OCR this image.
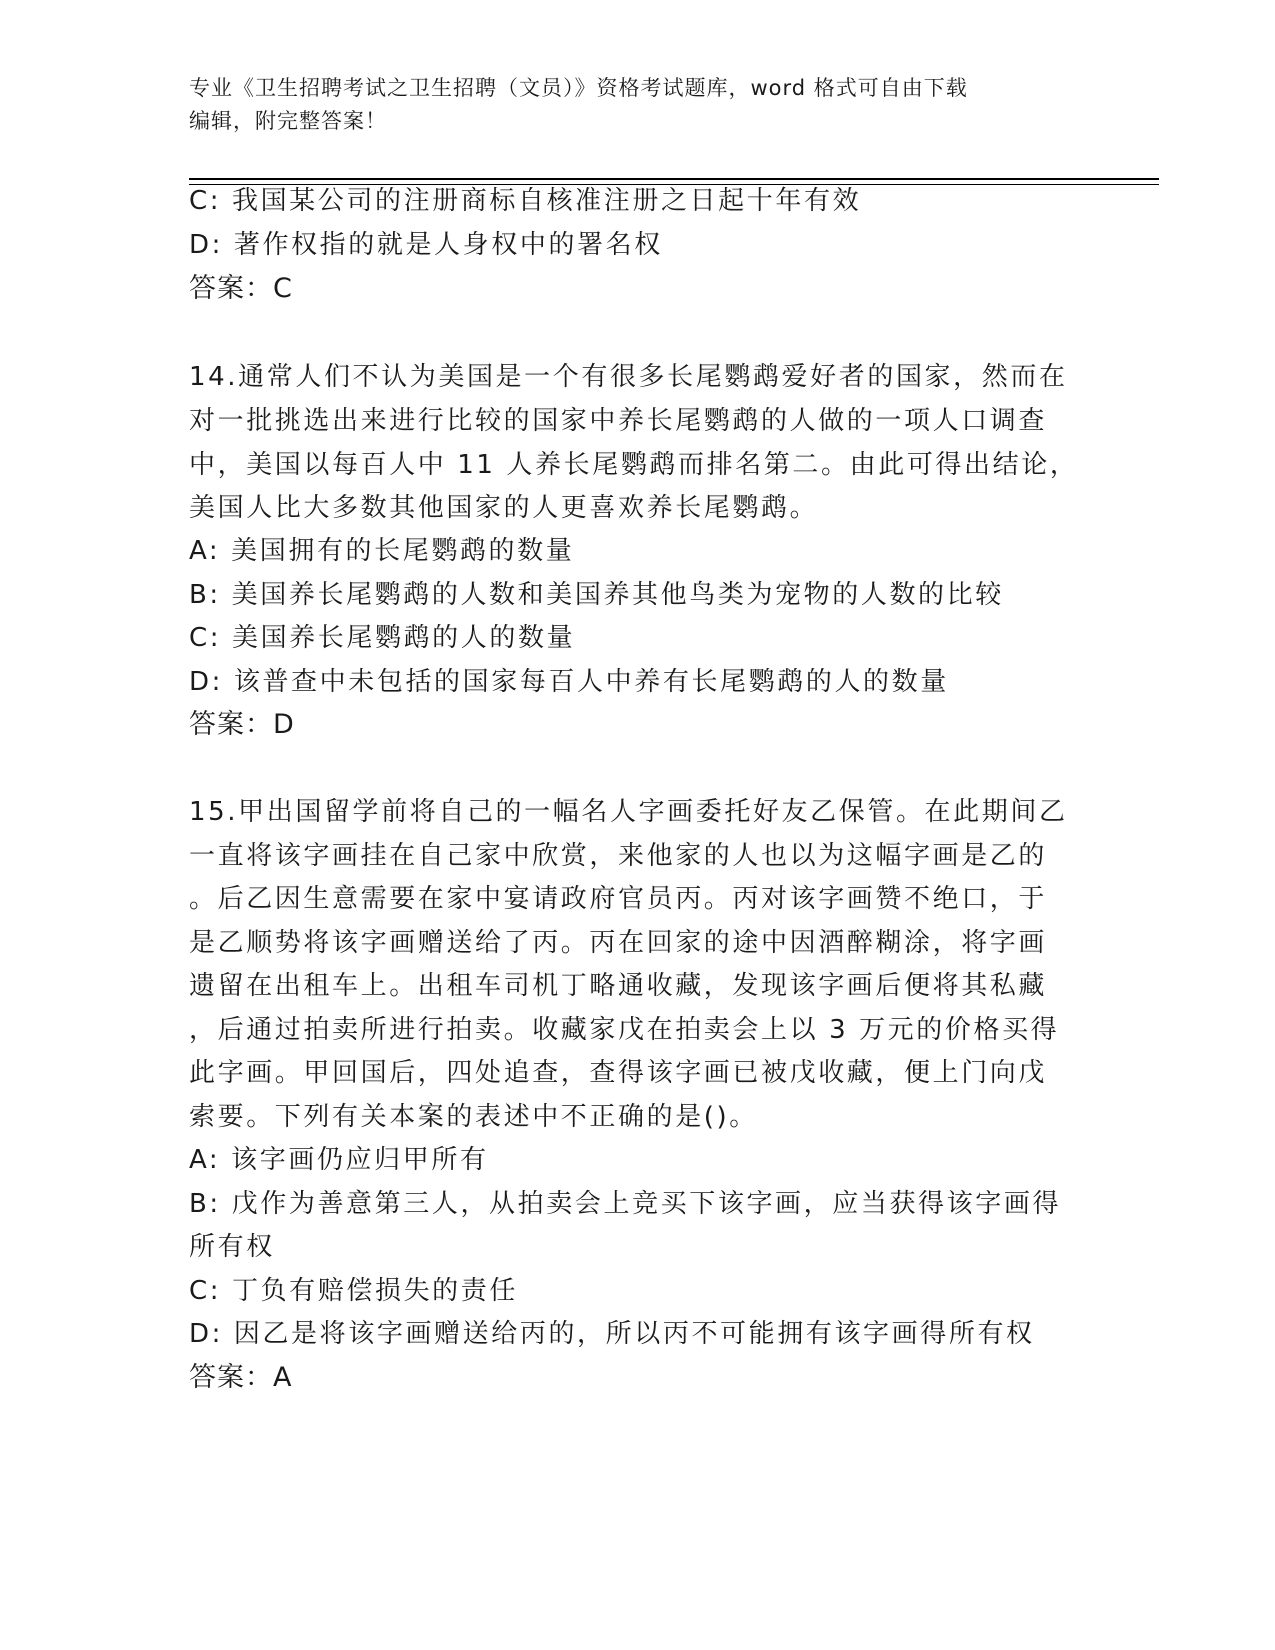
专业《卫生招聘考试之卫生招聘（文员）》资格考试题库，word 格式可自由下载
编辑，附完整答案！
C: 我国某公司的注册商标自核准注册之日起十年有效
D: 著作权指的就是人身权中的署名权
答案：C
14.通常人们不认为美国是一个有很多长尾鹦鹉爱好者的国家，然而在
对一批挑选出来进行比较的国家中养长尾鹦鹉的人做的一项人口调查
中，美国以每百人中 11 人养长尾鹦鹉而排名第二。由此可得出结论，
美国人比大多数其他国家的人更喜欢养长尾鹦鹉。
A: 美国拥有的长尾鹦鹉的数量
B: 美国养长尾鹦鹉的人数和美国养其他鸟类为宠物的人数的比较
C: 美国养长尾鹦鹉的人的数量
D: 该普查中未包括的国家每百人中养有长尾鹦鹉的人的数量
答案：D
15.甲出国留学前将自己的一幅名人字画委托好友乙保管。在此期间乙
一直将该字画挂在自己家中欣赏，来他家的人也以为这幅字画是乙的
。后乙因生意需要在家中宴请政府官员丙。丙对该字画赞不绝口，于
是乙顺势将该字画赠送给了丙。丙在回家的途中因酒醉糊涂，将字画
遗留在出租车上。出租车司机丁略通收藏，发现该字画后便将其私藏
，后通过拍卖所进行拍卖。收藏家戊在拍卖会上以 3 万元的价格买得
此字画。甲回国后，四处追查，查得该字画已被戊收藏，便上门向戊
索要。下列有关本案的表述中不正确的是()。
A: 该字画仍应归甲所有
B: 戊作为善意第三人，从拍卖会上竞买下该字画，应当获得该字画得
所有权
C: 丁负有赔偿损失的责任
D: 因乙是将该字画赠送给丙的，所以丙不可能拥有该字画得所有权
答案：A
